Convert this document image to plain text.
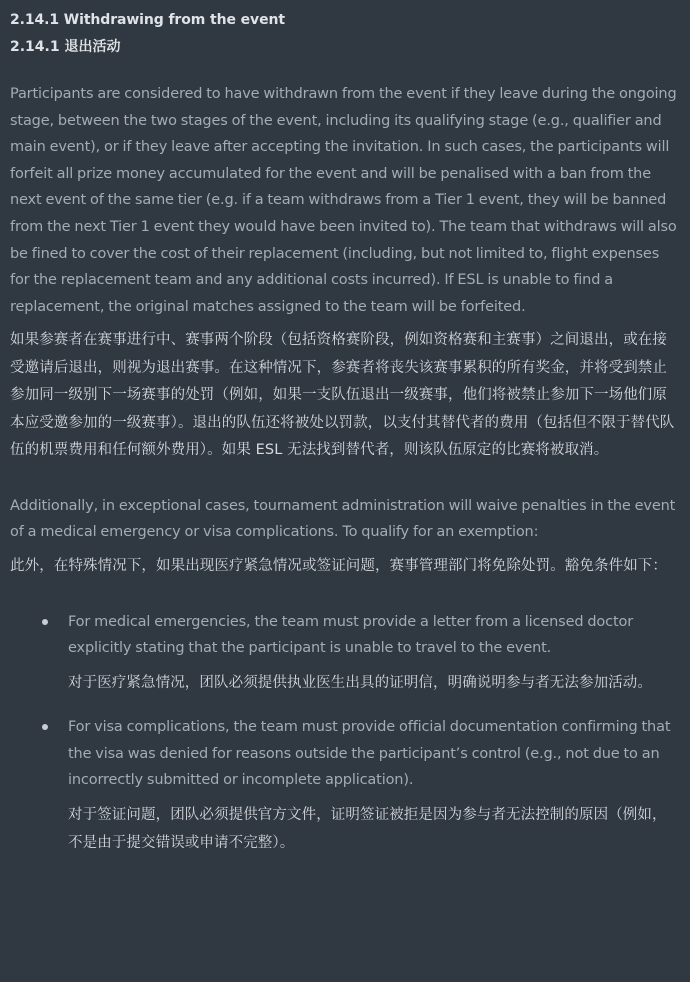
2.14.1 Withdrawing from the event
2.14.1 退出活动

Participants are considered to have withdrawn from the event if they leave during the ongoing stage, between the two stages of the event, including its qualifying stage (e.g., qualifier and main event), or if they leave after accepting the invitation. In such cases, the participants will forfeit all prize money accumulated for the event and will be penalised with a ban from the next event of the same tier (e.g. if a team withdraws from a Tier 1 event, they will be banned from the next Tier 1 event they would have been invited to). The team that withdraws will also be fined to cover the cost of their replacement (including, but not limited to, flight expenses for the replacement team and any additional costs incurred). If ESL is unable to find a replacement, the original matches assigned to the team will be forfeited.

如果参赛者在赛事进行中、赛事两个阶段（包括资格赛阶段，例如资格赛和主赛事）之间退出，或在接受邀请后退出，则视为退出赛事。在这种情况下，参赛者将丧失该赛事累积的所有奖金，并将受到禁止参加同一级别下一场赛事的处罚（例如，如果一支队伍退出一级赛事，他们将被禁止参加下一场他们原本应受邀参加的一级赛事）。退出的队伍还将被处以罚款，以支付其替代者的费用（包括但不限于替代队伍的机票费用和任何额外费用）。如果 ESL 无法找到替代者，则该队伍原定的比赛将被取消。

Additionally, in exceptional cases, tournament administration will waive penalties in the event of a medical emergency or visa complications. To qualify for an exemption:

此外，在特殊情况下，如果出现医疗紧急情况或签证问题，赛事管理部门将免除处罚。豁免条件如下：

For medical emergencies, the team must provide a letter from a licensed doctor explicitly stating that the participant is unable to travel to the event.

对于医疗紧急情况，团队必须提供执业医生出具的证明信，明确说明参与者无法参加活动。

For visa complications, the team must provide official documentation confirming that the visa was denied for reasons outside the participant’s control (e.g., not due to an incorrectly submitted or incomplete application).

对于签证问题，团队必须提供官方文件，证明签证被拒是因为参与者无法控制的原因（例如，不是由于提交错误或申请不完整）。
